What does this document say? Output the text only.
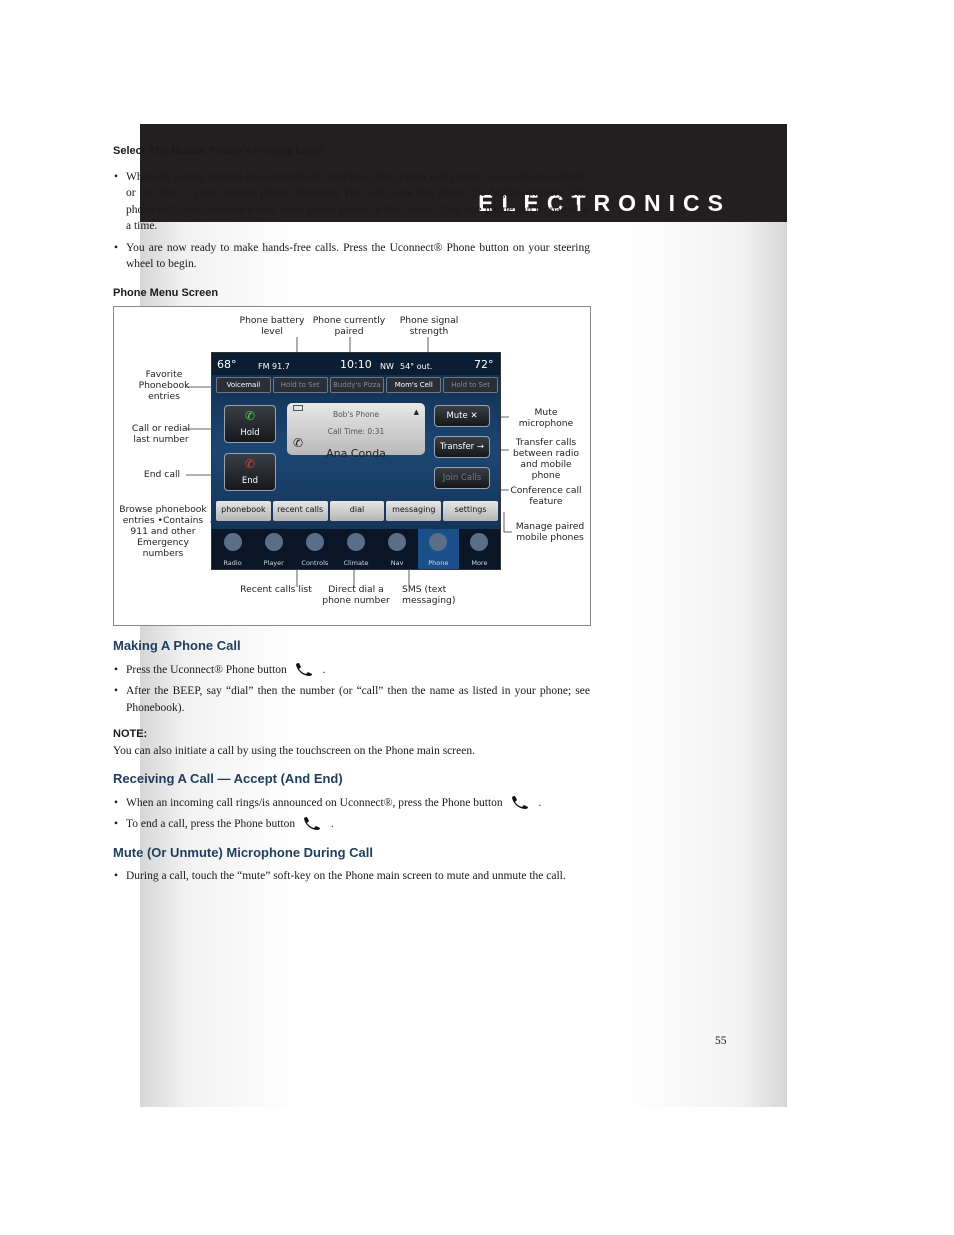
ELECTRONICS
55
Select The Mobile Phone’s Priority Level
• When the pairing process has successfully completed, the system will prompt you to choose whether or not this is your favorite phone. Selecting Yes will make this phone the highest priority. This phone will take precedence over other paired phones within range. Only one phone can be paired at a time.
• You are now ready to make hands-free calls. Press the Uconnect® Phone button on your steering wheel to begin.
Phone Menu Screen
Phone battery level
Phone currently paired
Phone signal strength
Favorite Phonebook entries
Call or redial last number
End call
Browse phonebook entries •Contains 911 and other Emergency numbers
Mute microphone
Transfer calls between radio and mobile phone
Conference call feature
Manage paired mobile phones
Recent calls list	Direct dial a phone number
SMS (text messaging)
68°	FM 91.7	10:10 NW 54° out.	72°
Voicemail	Hold to Set	Buddy's Pizza	Mom's Cell	Hold to Set
✆
Hold
✆
End
▲
Bob's Phone
Call Time: 0:31
✆
Ana Conda
Mute ✕
Transfer →
Join Calls
phonebook	recent calls	dial	messaging	settings
Radio	Player	Controls	Climate	Nav	Phone	More
Making A Phone Call
• Press the Uconnect® Phone button	.
• After the BEEP, say “dial” then the number (or “call” then the name as listed in your phone; see Phonebook).
NOTE:
You can also initiate a call by using the touchscreen on the Phone main screen.
Receiving A Call — Accept (And End)
• When an incoming call rings/is announced on Uconnect®, press the Phone button	.
• To end a call, press the Phone button	.
Mute (Or Unmute) Microphone During Call
• During a call, touch the “mute” soft-key on the Phone main screen to mute and unmute the call.
